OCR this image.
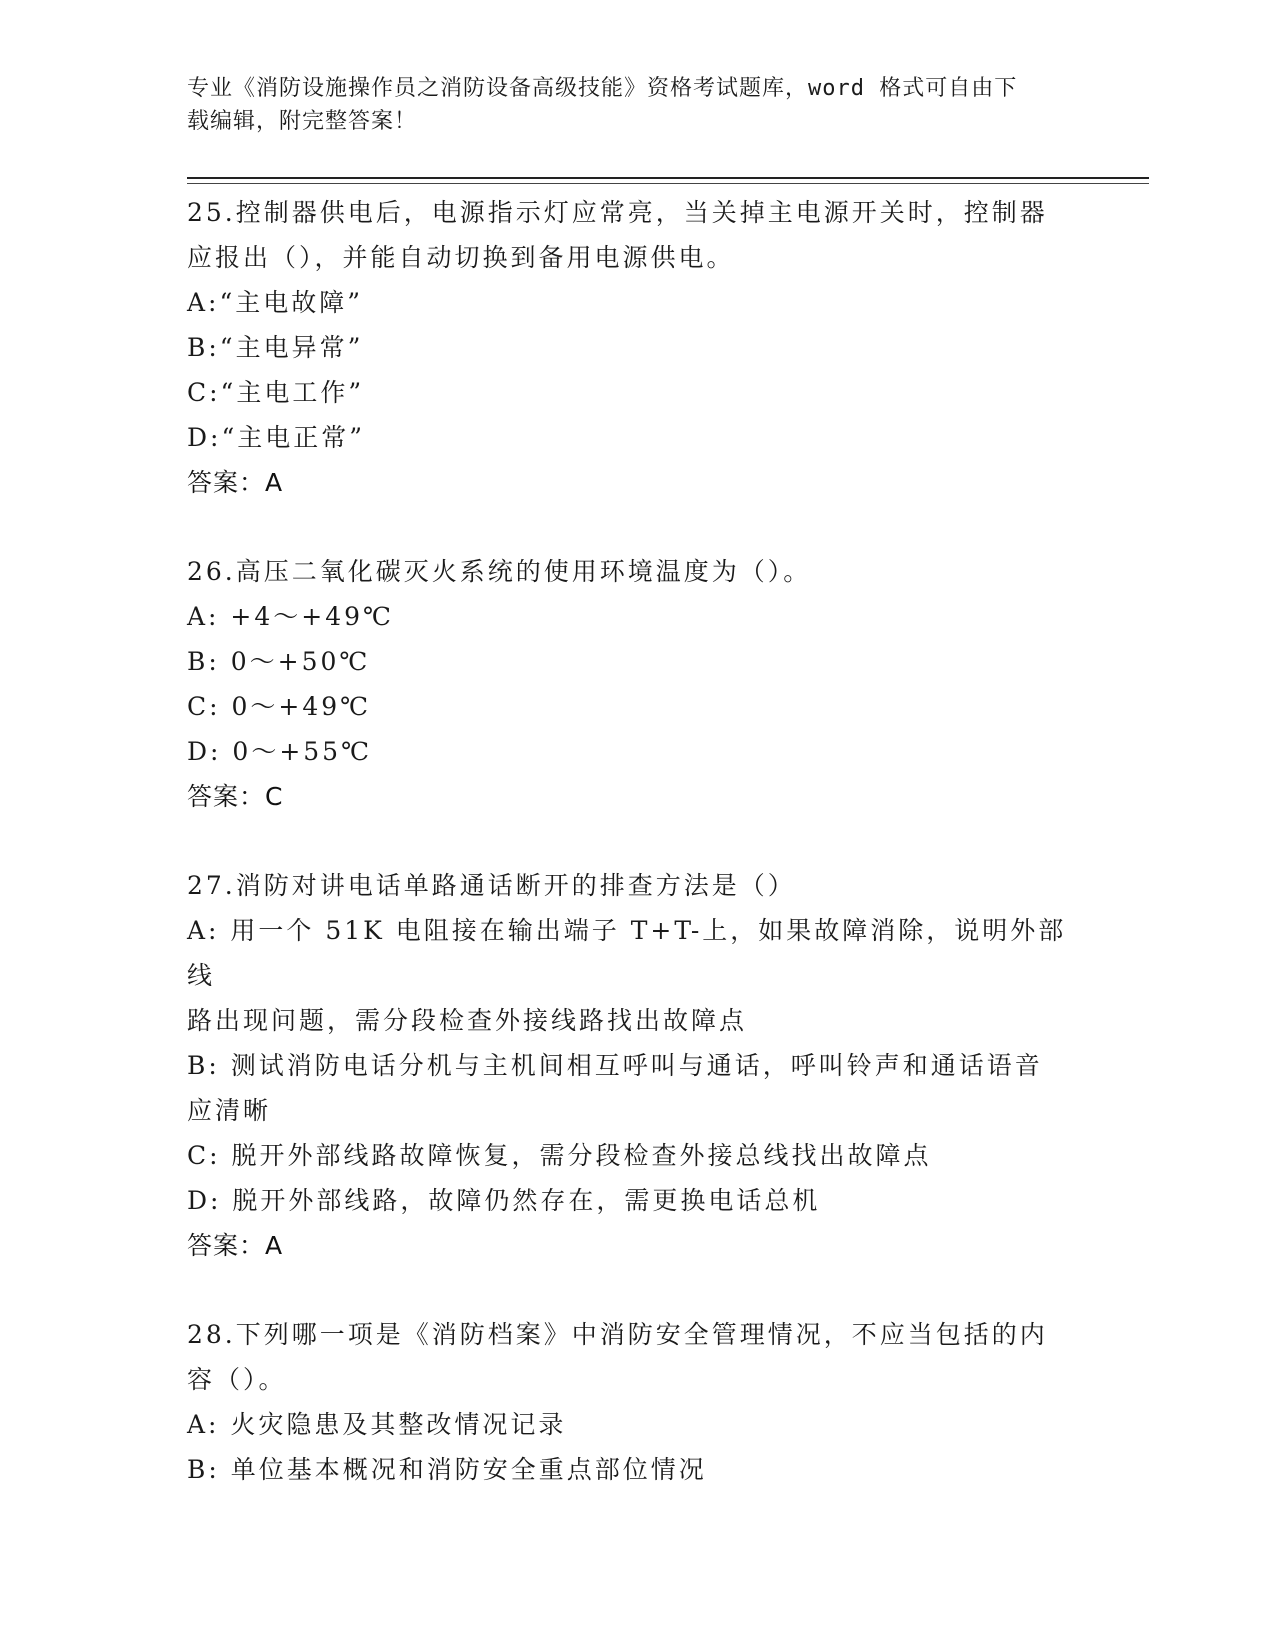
专业《消防设施操作员之消防设备高级技能》资格考试题库，word 格式可自由下
载编辑，附完整答案！

25.控制器供电后，电源指示灯应常亮，当关掉主电源开关时，控制器

应报出（），并能自动切换到备用电源供电。

A:“主电故障”

B:“主电异常”

C:“主电工作”

D:“主电正常”

答案：A

26.高压二氧化碳灭火系统的使用环境温度为（）。

A: +4～+49℃

B: 0～+50℃

C: 0～+49℃

D: 0～+55℃

答案：C

27.消防对讲电话单路通话断开的排查方法是（）

A: 用一个 51K 电阻接在输出端子 T+T-上，如果故障消除，说明外部线

路出现问题，需分段检查外接线路找出故障点

B: 测试消防电话分机与主机间相互呼叫与通话，呼叫铃声和通话语音

应清晰

C: 脱开外部线路故障恢复，需分段检查外接总线找出故障点

D: 脱开外部线路，故障仍然存在，需更换电话总机

答案：A

28.下列哪一项是《消防档案》中消防安全管理情况，不应当包括的内

容（）。

A: 火灾隐患及其整改情况记录

B: 单位基本概况和消防安全重点部位情况
